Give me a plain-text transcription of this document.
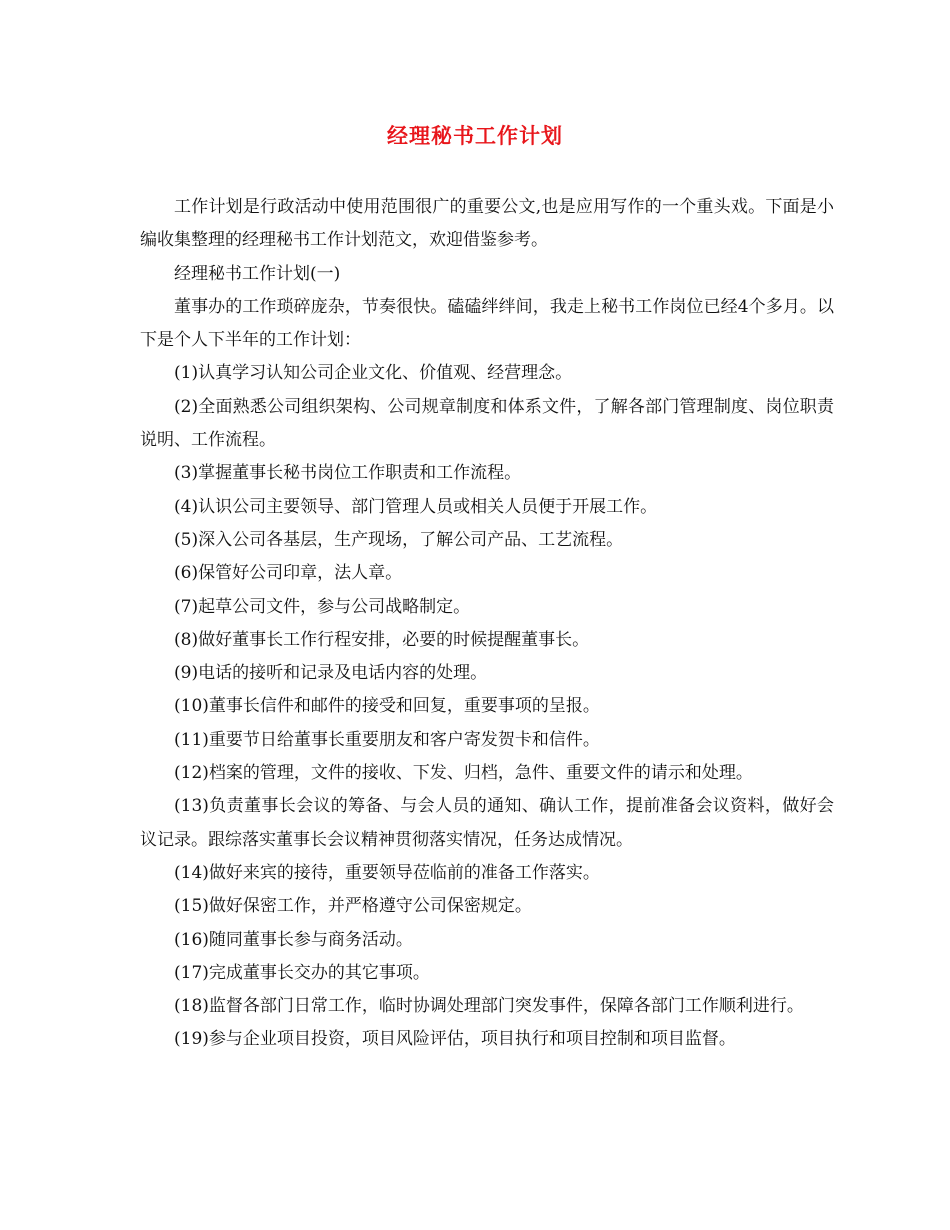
经理秘书工作计划

工作计划是行政活动中使用范围很广的重要公文,也是应用写作的一个重头戏。下面是小编收集整理的经理秘书工作计划范文，欢迎借鉴参考。

经理秘书工作计划(一)

董事办的工作琐碎庞杂，节奏很快。磕磕绊绊间，我走上秘书工作岗位已经4个多月。以下是个人下半年的工作计划：

(1)认真学习认知公司企业文化、价值观、经营理念。

(2)全面熟悉公司组织架构、公司规章制度和体系文件，了解各部门管理制度、岗位职责说明、工作流程。

(3)掌握董事长秘书岗位工作职责和工作流程。

(4)认识公司主要领导、部门管理人员或相关人员便于开展工作。

(5)深入公司各基层，生产现场，了解公司产品、工艺流程。

(6)保管好公司印章，法人章。

(7)起草公司文件，参与公司战略制定。

(8)做好董事长工作行程安排，必要的时候提醒董事长。

(9)电话的接听和记录及电话内容的处理。

(10)董事长信件和邮件的接受和回复，重要事项的呈报。

(11)重要节日给董事长重要朋友和客户寄发贺卡和信件。

(12)档案的管理，文件的接收、下发、归档，急件、重要文件的请示和处理。

(13)负责董事长会议的筹备、与会人员的通知、确认工作，提前准备会议资料，做好会议记录。跟综落实董事长会议精神贯彻落实情况，任务达成情况。

(14)做好来宾的接待，重要领导莅临前的准备工作落实。

(15)做好保密工作，并严格遵守公司保密规定。

(16)随同董事长参与商务活动。

(17)完成董事长交办的其它事项。

(18)监督各部门日常工作，临时协调处理部门突发事件，保障各部门工作顺利进行。

(19)参与企业项目投资，项目风险评估，项目执行和项目控制和项目监督。
